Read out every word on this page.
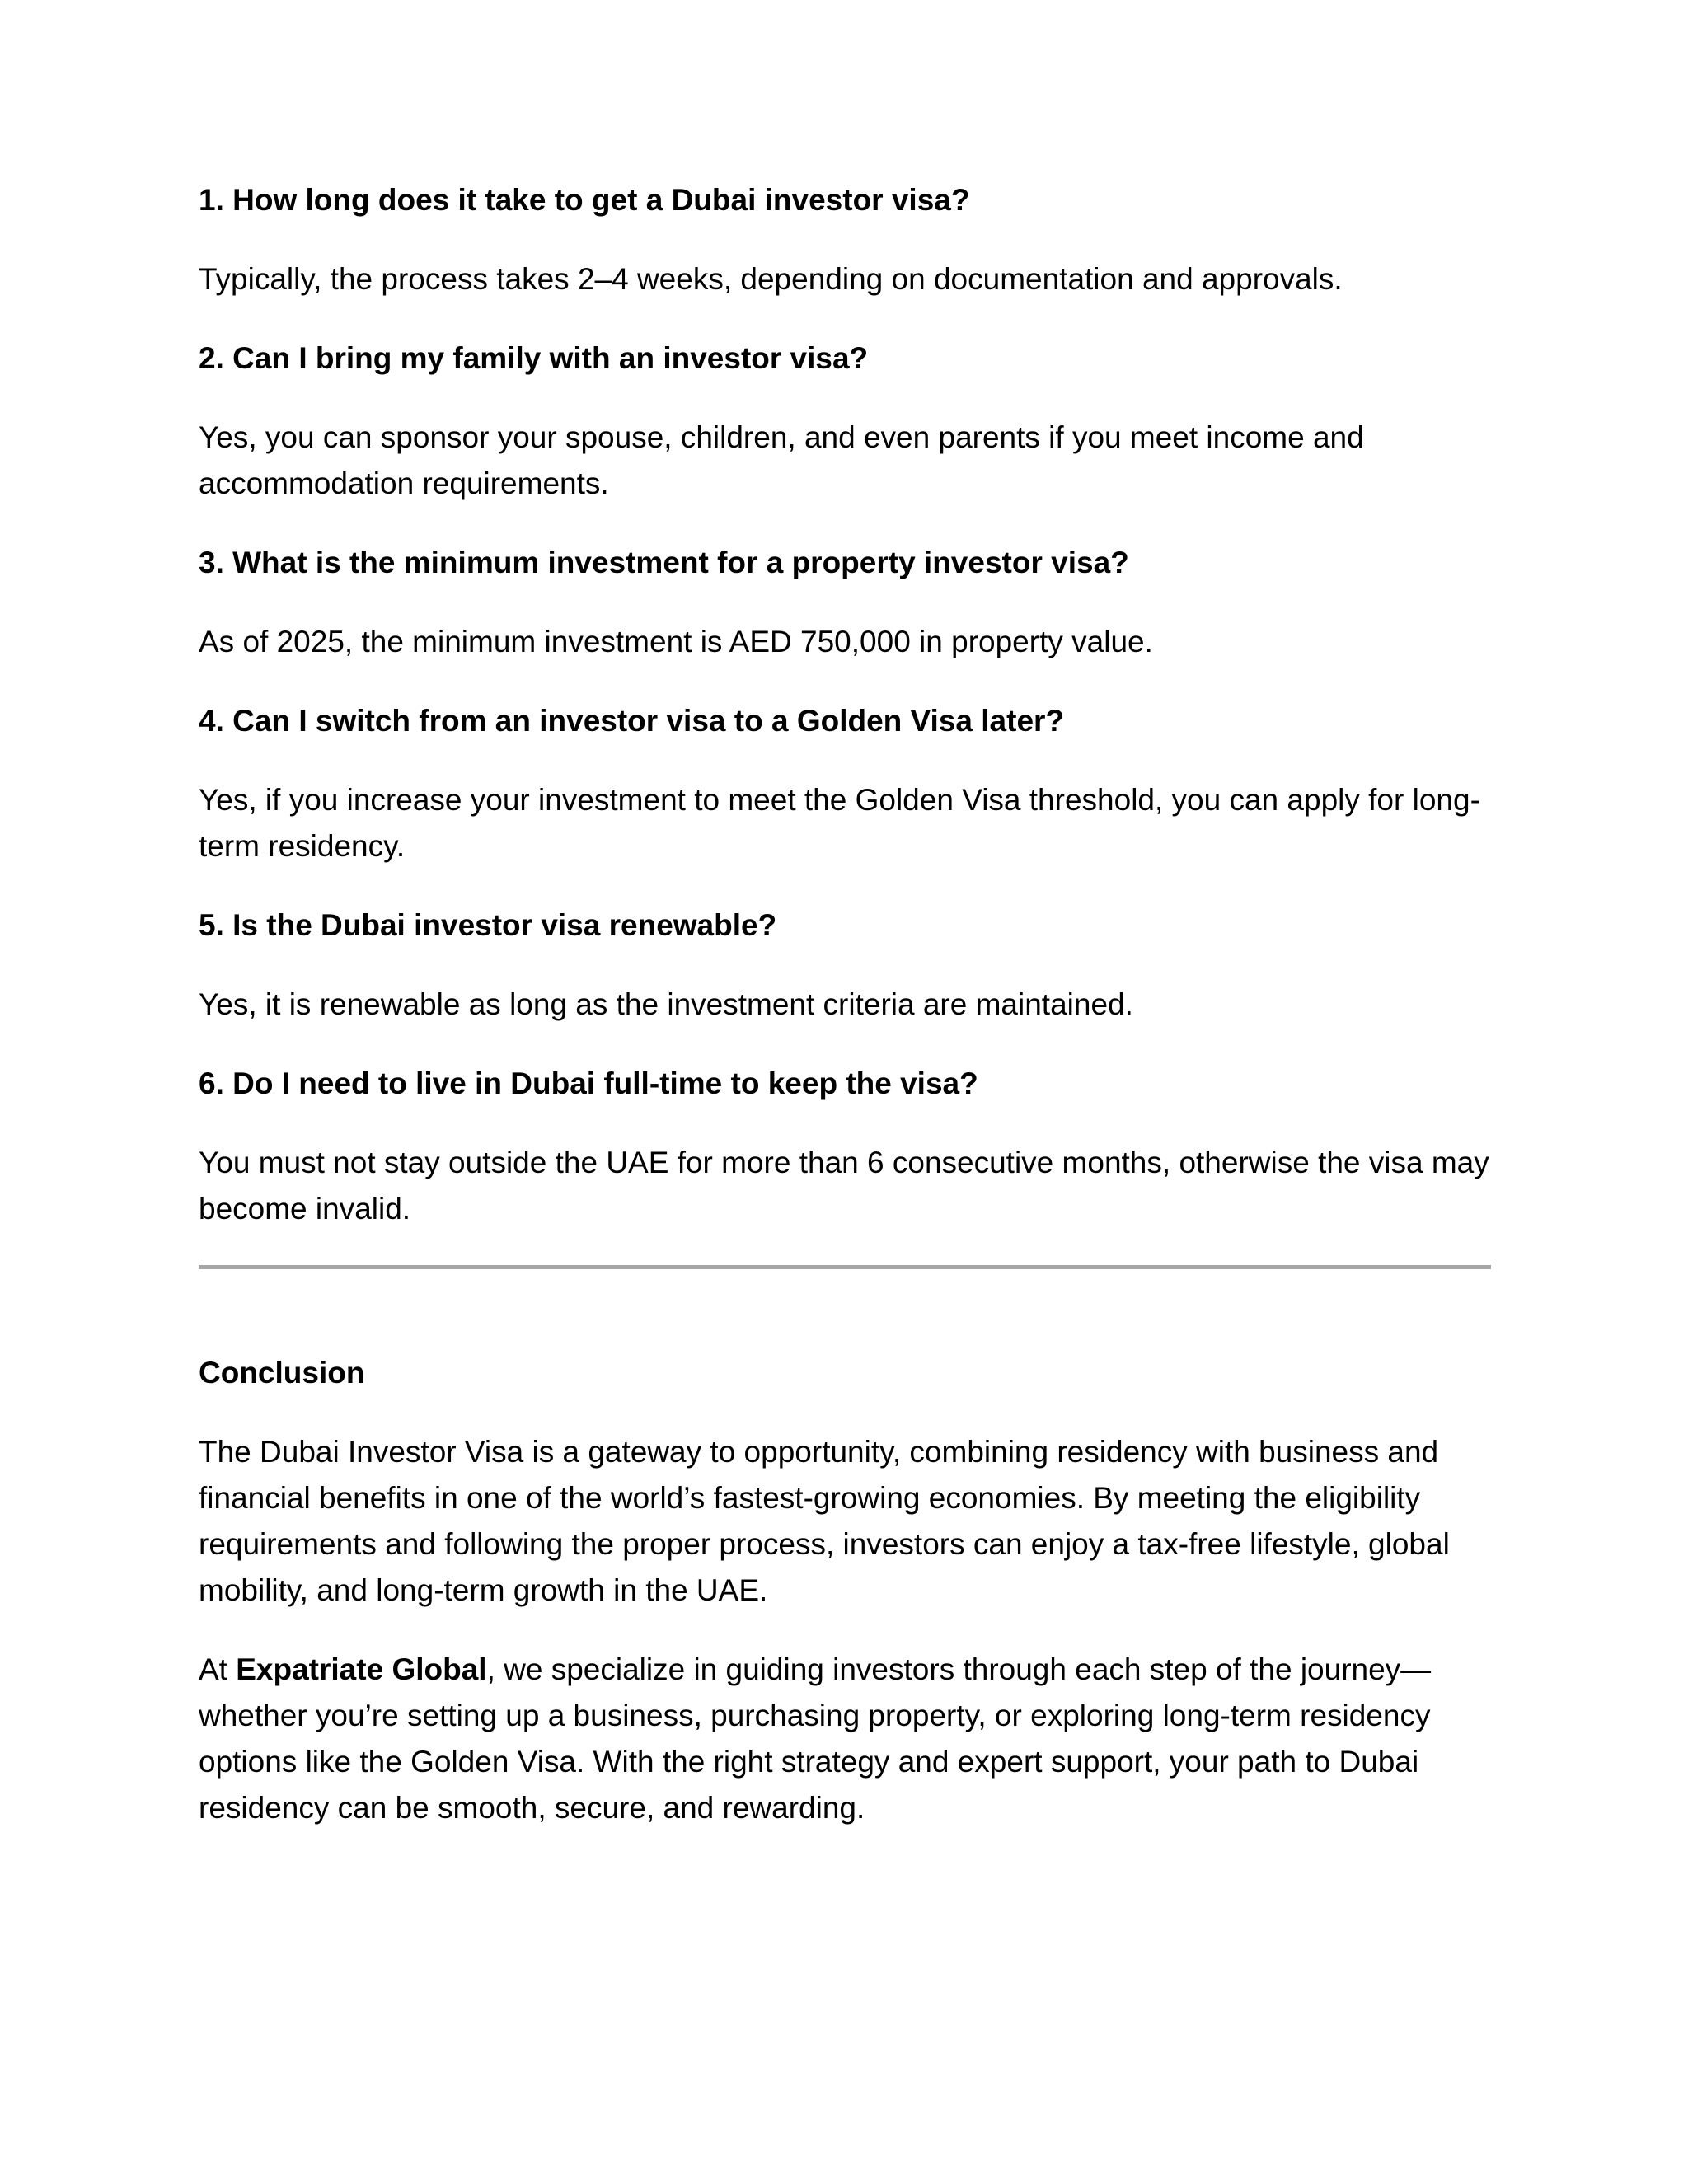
1. How long does it take to get a Dubai investor visa?

Typically, the process takes 2–4 weeks, depending on documentation and approvals.

2. Can I bring my family with an investor visa?

Yes, you can sponsor your spouse, children, and even parents if you meet income and accommodation requirements.

3. What is the minimum investment for a property investor visa?

As of 2025, the minimum investment is AED 750,000 in property value.

4. Can I switch from an investor visa to a Golden Visa later?

Yes, if you increase your investment to meet the Golden Visa threshold, you can apply for long-term residency.

5. Is the Dubai investor visa renewable?

Yes, it is renewable as long as the investment criteria are maintained.

6. Do I need to live in Dubai full-time to keep the visa?

You must not stay outside the UAE for more than 6 consecutive months, otherwise the visa may become invalid.

Conclusion

The Dubai Investor Visa is a gateway to opportunity, combining residency with business and financial benefits in one of the world’s fastest-growing economies. By meeting the eligibility requirements and following the proper process, investors can enjoy a tax-free lifestyle, global mobility, and long-term growth in the UAE.

At Expatriate Global, we specialize in guiding investors through each step of the journey—whether you’re setting up a business, purchasing property, or exploring long-term residency options like the Golden Visa. With the right strategy and expert support, your path to Dubai residency can be smooth, secure, and rewarding.
